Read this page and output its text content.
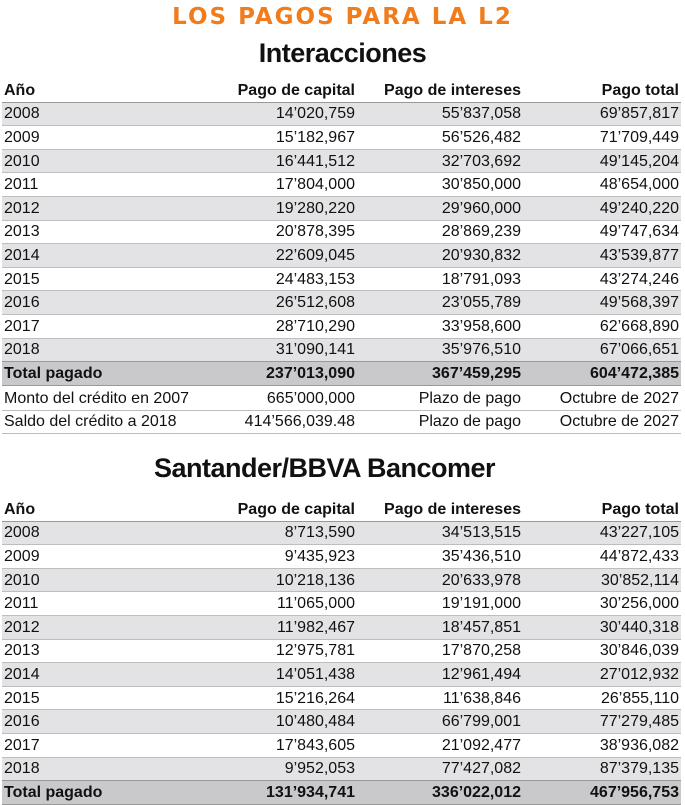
LOS PAGOS PARA LA L2
Interacciones
Año	Pago de capital	Pago de intereses	Pago total
2008	14’020,759	55’837,058	69’857,817
2009	15’182,967	56’526,482	71’709,449
2010	16’441,512	32’703,692	49’145,204
2011	17’804,000	30’850,000	48’654,000
2012	19’280,220	29’960,000	49’240,220
2013	20’878,395	28’869,239	49’747,634
2014	22’609,045	20’930,832	43’539,877
2015	24’483,153	18’791,093	43’274,246
2016	26’512,608	23’055,789	49’568,397
2017	28’710,290	33’958,600	62’668,890
2018	31’090,141	35’976,510	67’066,651
Total pagado	237’013,090	367’459,295	604’472,385
Monto del crédito en 2007	665’000,000	Plazo de pago	Octubre de 2027
Saldo del crédito a 2018	414’566,039.48	Plazo de pago	Octubre de 2027
Santander/BBVA Bancomer
Año	Pago de capital	Pago de intereses	Pago total
2008	8’713,590	34’513,515	43’227,105
2009	9’435,923	35’436,510	44’872,433
2010	10’218,136	20’633,978	30’852,114
2011	11’065,000	19’191,000	30’256,000
2012	11’982,467	18’457,851	30’440,318
2013	12’975,781	17’870,258	30’846,039
2014	14’051,438	12’961,494	27’012,932
2015	15’216,264	11’638,846	26’855,110
2016	10’480,484	66’799,001	77’279,485
2017	17’843,605	21’092,477	38’936,082
2018	9’952,053	77’427,082	87’379,135
Total pagado	131’934,741	336’022,012	467’956,753
